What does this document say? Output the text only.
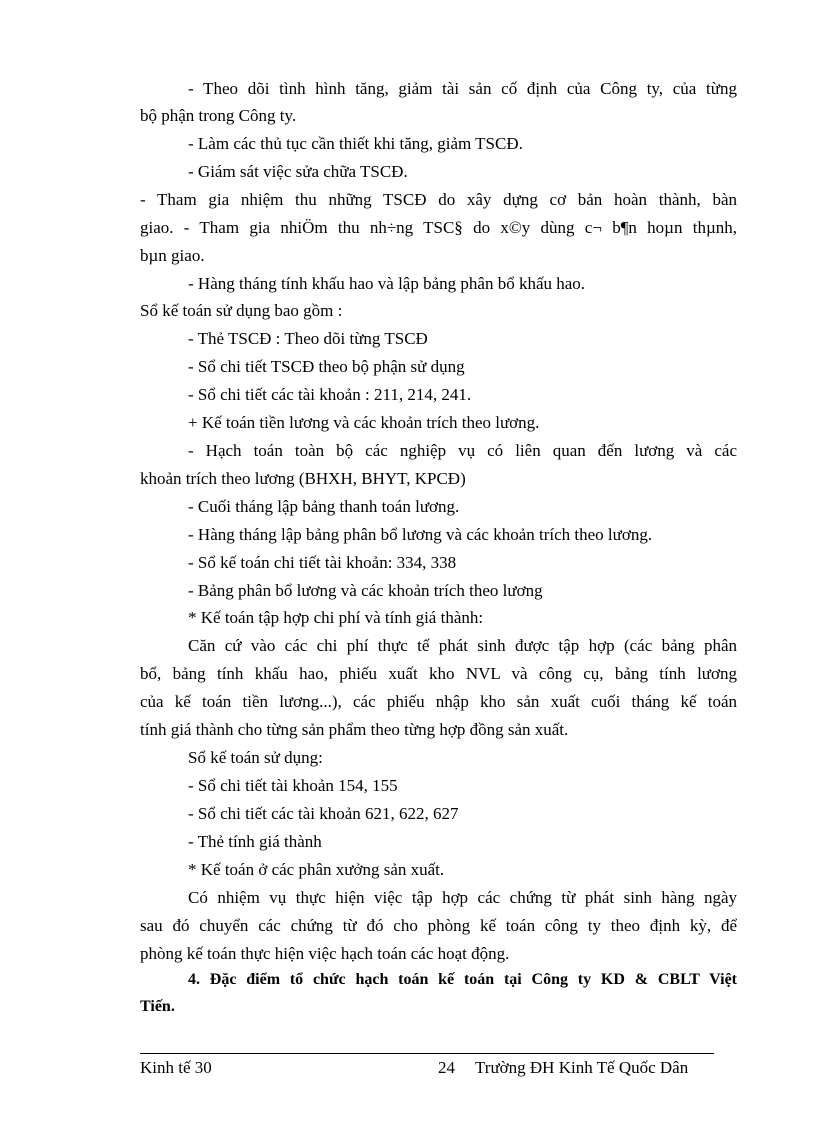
- Theo dõi tình hình tăng, giảm tài sản cố định của Công ty, của từng
bộ phận trong Công ty.
- Làm các thủ tục cần thiết khi tăng, giảm TSCĐ.
- Giám sát việc sửa chữa TSCĐ.
- Tham gia nhiệm thu những TSCĐ do xây dựng cơ bản hoàn thành, bàn
giao. - Tham gia nhiÖm thu nh÷ng TSC§ do x©y dùng c¬ b¶n hoµn thµnh,
bµn giao.
- Hàng tháng tính khấu hao và lập bảng phân bổ khấu hao.
Sổ kế toán sử dụng bao gồm :
- Thẻ TSCĐ : Theo dõi từng TSCĐ
- Sổ chi tiết TSCĐ theo bộ phận sử dụng
- Sổ chi tiết các tài khoản : 211, 214, 241.
+ Kế toán tiền lương và các khoản trích theo lương.
- Hạch toán toàn bộ các nghiệp vụ có liên quan đến lương và các
khoản trích theo lương (BHXH, BHYT, KPCĐ)
- Cuối tháng lập bảng thanh toán lương.
- Hàng tháng lập bảng phân bổ lương và các khoản trích theo lương.
- Sổ kế toán chi tiết tài khoản: 334, 338
- Bảng phân bổ lương và các khoản trích theo lương
* Kế toán tập hợp chi phí và tính giá thành:
Căn cứ vào các chi phí thực tế phát sinh được tập hợp (các bảng phân
bổ, bảng tính khấu hao, phiếu xuất kho NVL và công cụ, bảng tính lương
của kế toán tiền lương...), các phiếu nhập kho sản xuất cuối tháng kế toán
tính giá thành cho từng sản phẩm theo từng hợp đồng sản xuất.
Sổ kế toán sử dụng:
- Sổ chi tiết tài khoản 154, 155
- Sổ chi tiết các tài khoản 621, 622, 627
- Thẻ tính giá thành
* Kế toán ở các phân xưởng sản xuất.
Có nhiệm vụ thực hiện việc tập hợp các chứng từ phát sinh hàng ngày
sau đó chuyển các chứng từ đó cho phòng kế toán công ty theo định kỳ, để
phòng kế toán thực hiện việc hạch toán các hoạt động.
4. Đặc điểm tổ chức hạch toán kế toán tại Công ty KD & CBLT Việt
Tiến.
Kinh tế 30	24 Trường ĐH Kinh Tế Quốc Dân
